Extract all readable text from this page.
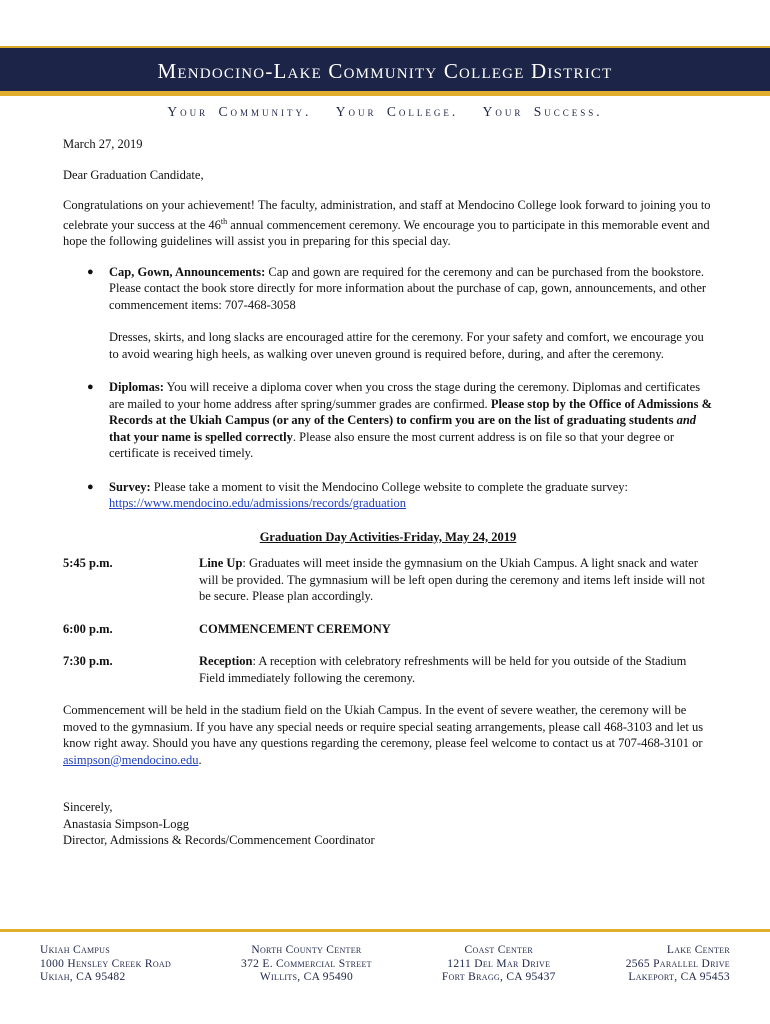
Mendocino-Lake Community College District
Your Community. Your College. Your Success.

March 27, 2019

Dear Graduation Candidate,

Congratulations on your achievement! The faculty, administration, and staff at Mendocino College look forward to joining you to celebrate your success at the 46th annual commencement ceremony. We encourage you to participate in this memorable event and hope the following guidelines will assist you in preparing for this special day.

● Cap, Gown, Announcements: Cap and gown are required for the ceremony and can be purchased from the bookstore. Please contact the book store directly for more information about the purchase of cap, gown, announcements, and other commencement items: 707-468-3058

Dresses, skirts, and long slacks are encouraged attire for the ceremony. For your safety and comfort, we encourage you to avoid wearing high heels, as walking over uneven ground is required before, during, and after the ceremony.

● Diplomas: You will receive a diploma cover when you cross the stage during the ceremony. Diplomas and certificates are mailed to your home address after spring/summer grades are confirmed. Please stop by the Office of Admissions & Records at the Ukiah Campus (or any of the Centers) to confirm you are on the list of graduating students and that your name is spelled correctly. Please also ensure the most current address is on file so that your degree or certificate is received timely.

● Survey: Please take a moment to visit the Mendocino College website to complete the graduate survey: https://www.mendocino.edu/admissions/records/graduation

Graduation Day Activities-Friday, May 24, 2019

5:45 p.m.	Line Up: Graduates will meet inside the gymnasium on the Ukiah Campus. A light snack and water will be provided. The gymnasium will be left open during the ceremony and items left inside will not be secure. Please plan accordingly.
6:00 p.m.	COMMENCEMENT CEREMONY
7:30 p.m.	Reception: A reception with celebratory refreshments will be held for you outside of the Stadium Field immediately following the ceremony.

Commencement will be held in the stadium field on the Ukiah Campus. In the event of severe weather, the ceremony will be moved to the gymnasium. If you have any special needs or require special seating arrangements, please call 468-3103 and let us know right away. Should you have any questions regarding the ceremony, please feel welcome to contact us at 707-468-3101 or asimpson@mendocino.edu.

Sincerely,

Anastasia Simpson-Logg

Director, Admissions & Records/Commencement Coordinator

Ukiah Campus
1000 Hensley Creek Road
Ukiah, CA 95482
North County Center
372 E. Commercial Street
Willits, CA 95490
Coast Center
1211 Del Mar Drive
Fort Bragg, CA 95437
Lake Center
2565 Parallel Drive
Lakeport, CA 95453
